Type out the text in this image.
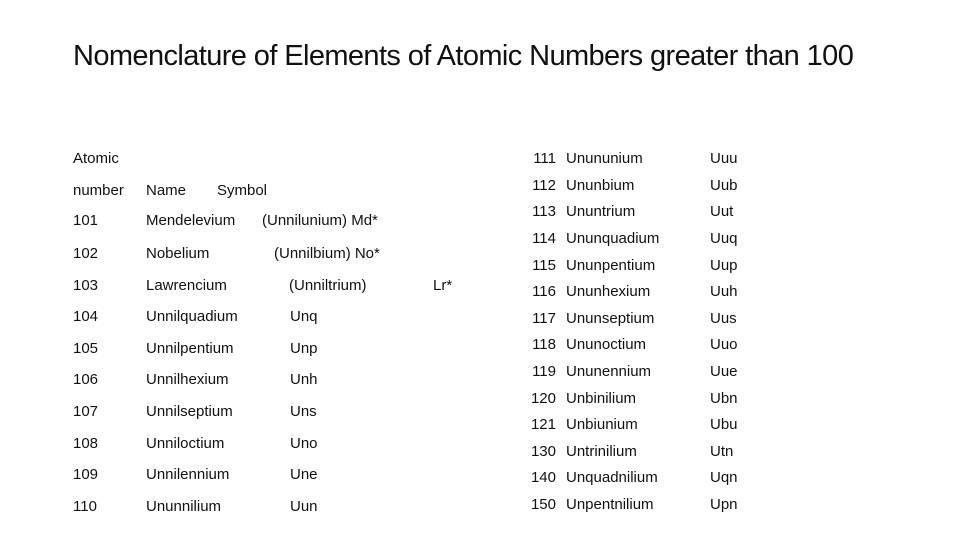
Nomenclature of Elements of Atomic Numbers greater than 100
Atomic
number Name Symbol
101	Mendelevium (Unnilunium) Md*
102	Nobelium	(Unnilbium) No*
103	Lawrencium	(Unniltrium)	Lr*
104	Unnilquadium	Unq
105	Unnilpentium	Unp
106	Unnilhexium	Unh
107	Unnilseptium	Uns
108	Unniloctium	Uno
109	Unnilennium	Une
110	Ununnilium	Uun
111 Unununium	Uuu
112 Ununbium	Uub
113 Ununtrium	Uut
114 Ununquadium	Uuq
115 Ununpentium	Uup
116 Ununhexium	Uuh
117 Ununseptium	Uus
118 Ununoctium	Uuo
119 Ununennium	Uue
120 Unbinilium	Ubn
121 Unbiunium	Ubu
130 Untrinilium	Utn
140 Unquadnilium	Uqn
150 Unpentnilium	Upn
